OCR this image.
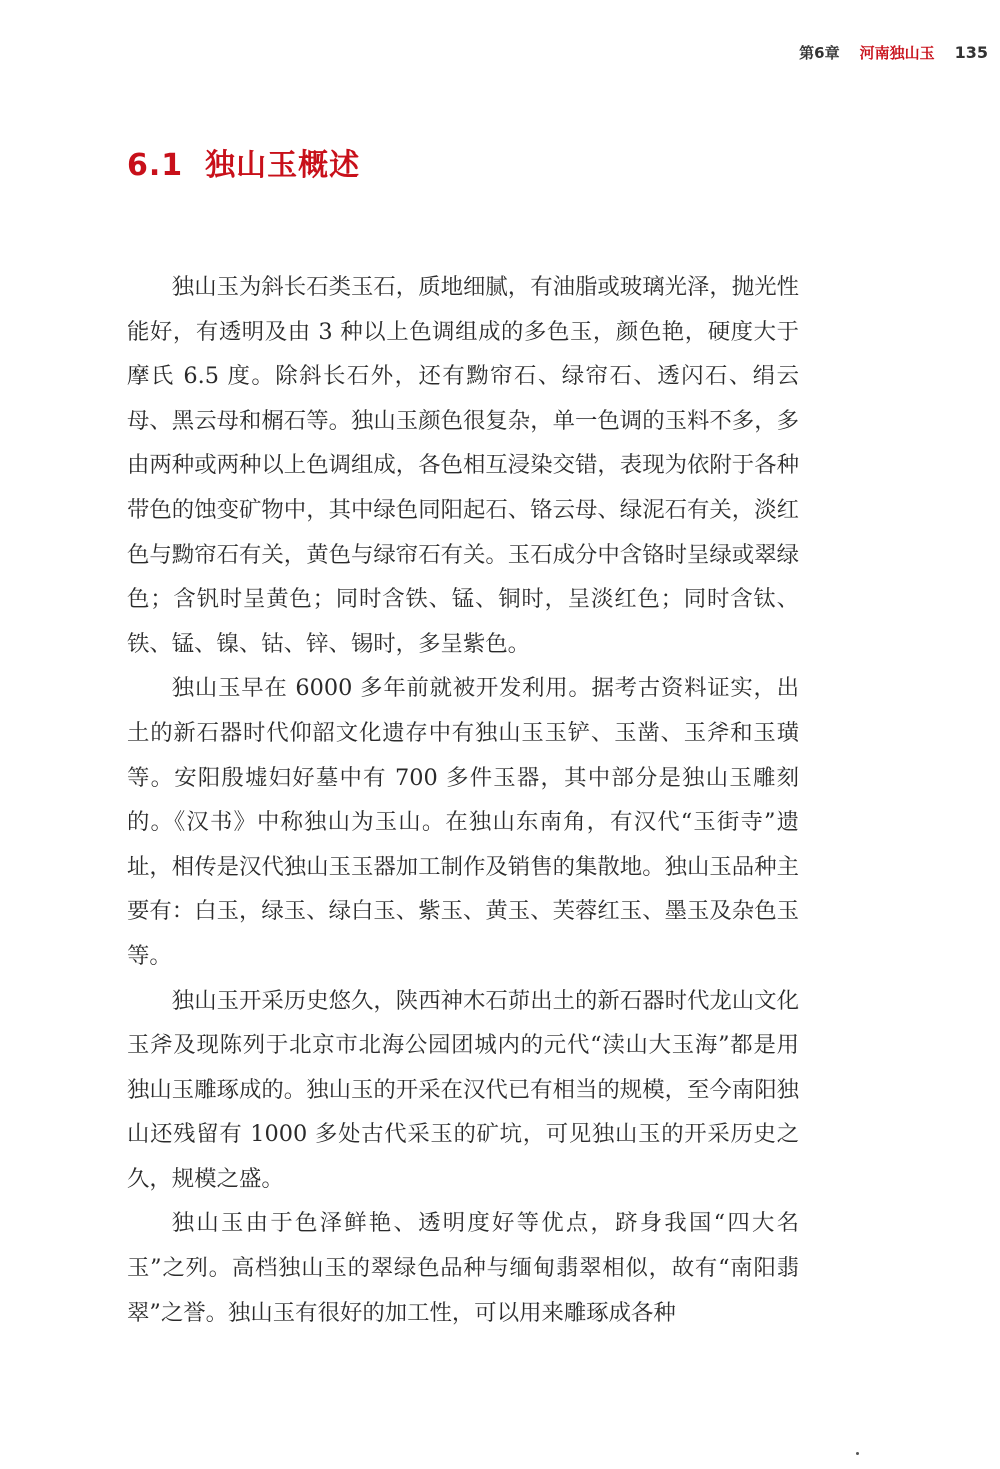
第6章 河南独山玉 135
6.1 独山玉概述

独山玉为斜长石类玉石，质地细腻，有油脂或玻璃光泽，抛光性能好，有透明及由 3 种以上色调组成的多色玉，颜色艳，硬度大于摩氏 6.5 度。除斜长石外，还有黝帘石、绿帘石、透闪石、绢云母、黑云母和榍石等。独山玉颜色很复杂，单一色调的玉料不多，多由两种或两种以上色调组成，各色相互浸染交错，表现为依附于各种带色的蚀变矿物中，其中绿色同阳起石、铬云母、绿泥石有关，淡红色与黝帘石有关，黄色与绿帘石有关。玉石成分中含铬时呈绿或翠绿色；含钒时呈黄色；同时含铁、锰、铜时，呈淡红色；同时含钛、铁、锰、镍、钴、锌、锡时，多呈紫色。

独山玉早在 6000 多年前就被开发利用。据考古资料证实，出土的新石器时代仰韶文化遗存中有独山玉玉铲、玉凿、玉斧和玉璜等。安阳殷墟妇好墓中有 700 多件玉器，其中部分是独山玉雕刻的。《汉书》中称独山为玉山。在独山东南角，有汉代“玉街寺”遗址，相传是汉代独山玉玉器加工制作及销售的集散地。独山玉品种主要有：白玉，绿玉、绿白玉、紫玉、黄玉、芙蓉红玉、墨玉及杂色玉等。

独山玉开采历史悠久，陕西神木石茆出土的新石器时代龙山文化玉斧及现陈列于北京市北海公园团城内的元代“渎山大玉海”都是用独山玉雕琢成的。独山玉的开采在汉代已有相当的规模，至今南阳独山还残留有 1000 多处古代采玉的矿坑，可见独山玉的开采历史之久，规模之盛。

独山玉由于色泽鲜艳、透明度好等优点，跻身我国“四大名玉”之列。高档独山玉的翠绿色品种与缅甸翡翠相似，故有“南阳翡翠”之誉。独山玉有很好的加工性，可以用来雕琢成各种
